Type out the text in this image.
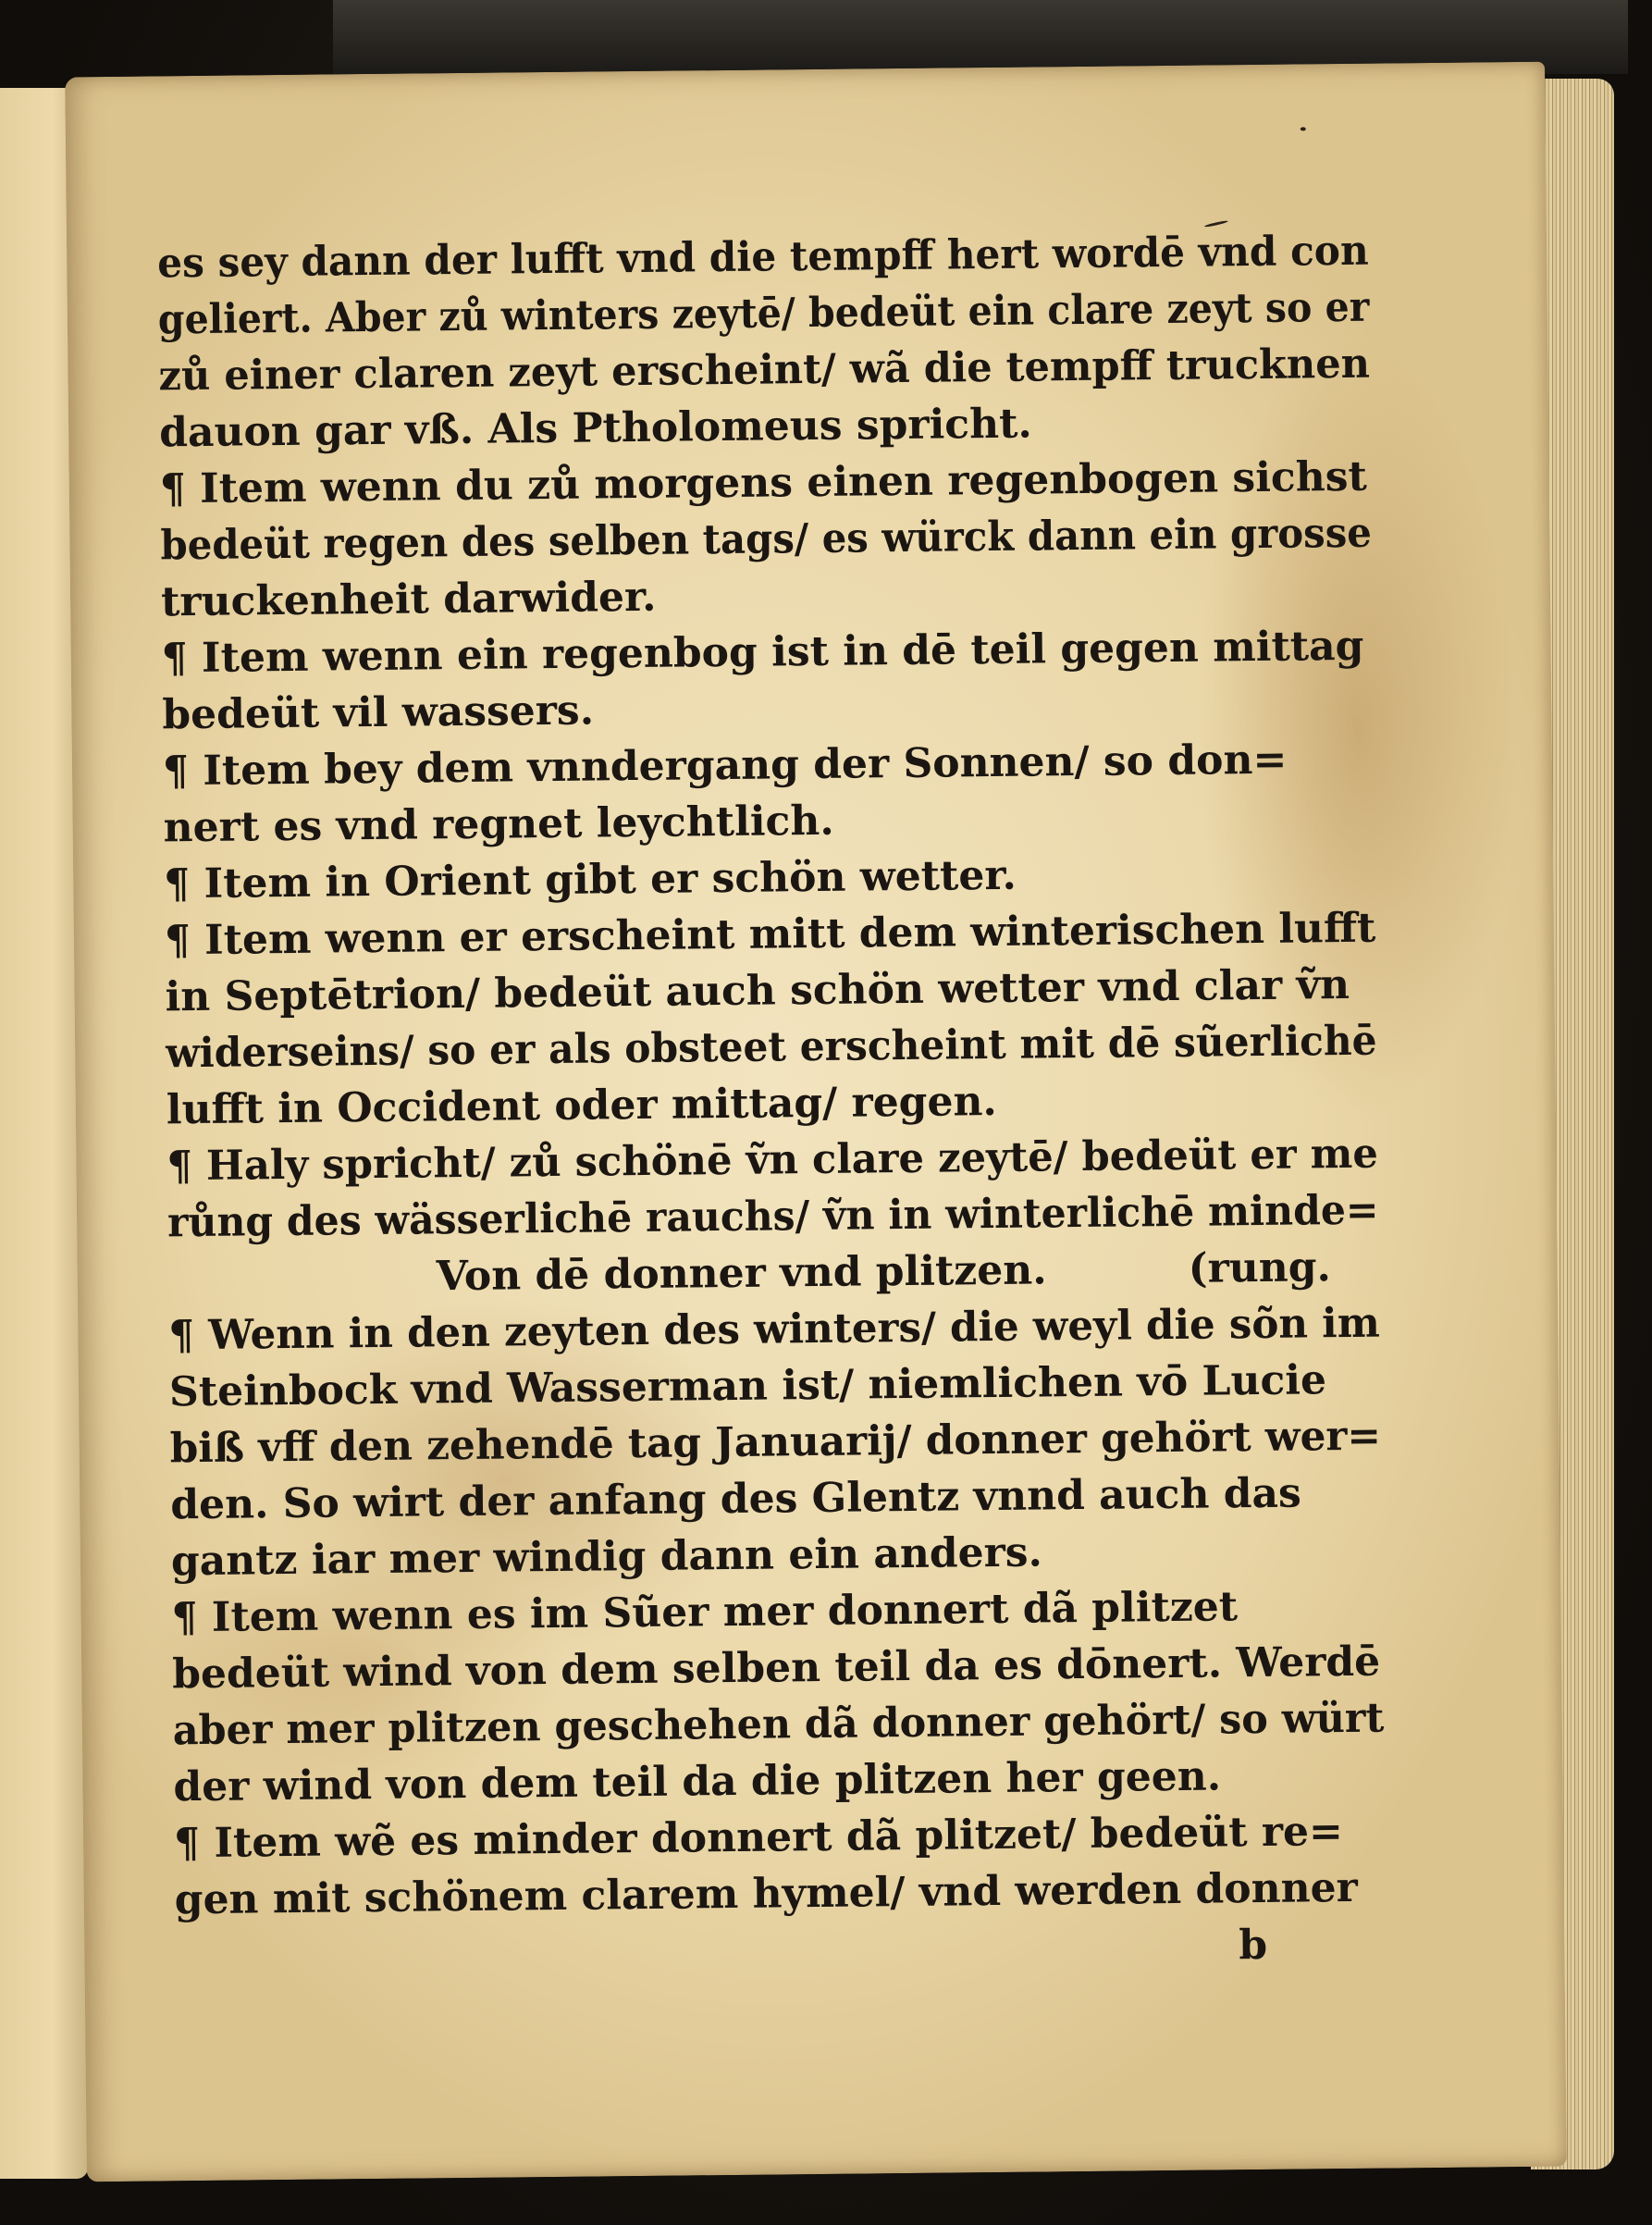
es sey dann der lufft vnd die tempff hert wordē vnd con
geliert. Aber zů winters zeytē/ bedeüt ein clare zeyt so er
zů einer claren zeyt erscheint/ wã die tempff trucknen
dauon gar vß. Als Ptholomeus spricht.
¶ Item wenn du zů morgens einen regenbogen sichst
bedeüt regen des selben tags/ es würck dann ein grosse
truckenheit darwider.
¶ Item wenn ein regenbog ist in dē teil gegen mittag
bedeüt vil wassers.
¶ Item bey dem vnndergang der Sonnen/ so don=
nert es vnd regnet leychtlich.
¶ Item in Orient gibt er schön wetter.
¶ Item wenn er erscheint mitt dem winterischen lufft
in Septētrion/ bedeüt auch schön wetter vnd clar ṽn
widerseins/ so er als obsteet erscheint mit dē sũerlichē
lufft in Occident oder mittag/ regen.
¶ Haly spricht/ zů schönē ṽn clare zeytē/ bedeüt er me
růng des wässerlichē rauchs/ ṽn in winterlichē minde=
Von dē donner vnd plitzen.          (rung.
¶ Wenn in den zeyten des winters/ die weyl die sõn im
Steinbock vnd Wasserman ist/ niemlichen vō Lucie
biß vff den zehendē tag Januarij/ donner gehört wer=
den. So wirt der anfang des Glentz vnnd auch das
gantz iar mer windig dann ein anders.
¶ Item wenn es im Sũer mer donnert dã plitzet
bedeüt wind von dem selben teil da es dōnert. Werdē
aber mer plitzen geschehen dã donner gehört/ so würt
der wind von dem teil da die plitzen her geen.
¶ Item wẽ es minder donnert dã plitzet/ bedeüt re=
gen mit schönem clarem hymel/ vnd werden donner
b
